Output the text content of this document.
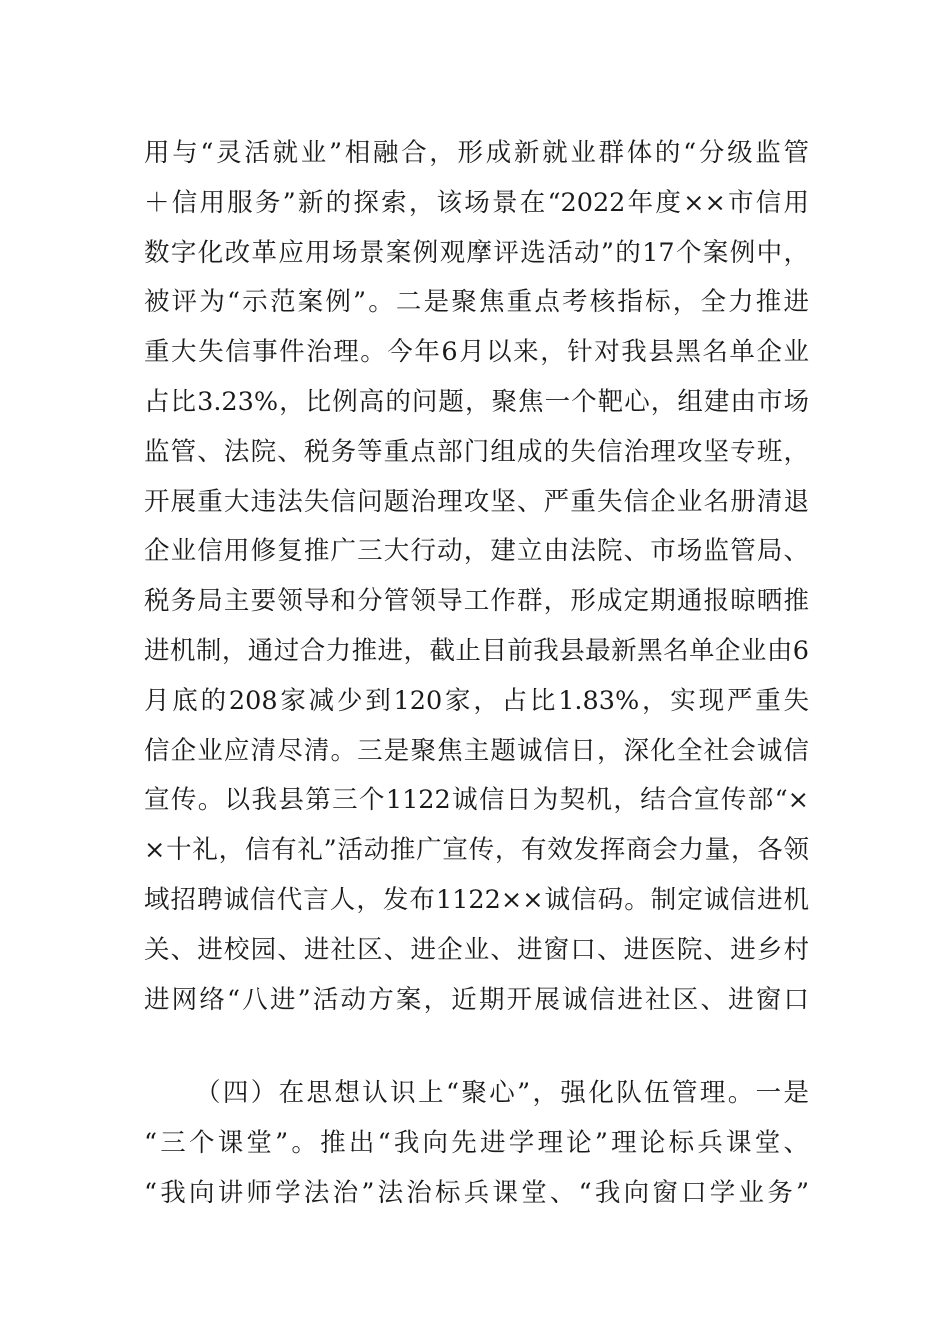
用与“灵活就业”相融合，形成新就业群体的“分级监管
＋信用服务”新的探索，该场景在“2022年度××市信用
数字化改革应用场景案例观摩评选活动”的17个案例中，
被评为“示范案例”。二是聚焦重点考核指标，全力推进
重大失信事件治理。今年6月以来，针对我县黑名单企业
占比3.23%，比例高的问题，聚焦一个靶心，组建由市场
监管、法院、税务等重点部门组成的失信治理攻坚专班，
开展重大违法失信问题治理攻坚、严重失信企业名册清退
企业信用修复推广三大行动，建立由法院、市场监管局、
税务局主要领导和分管领导工作群，形成定期通报晾晒推
进机制，通过合力推进，截止目前我县最新黑名单企业由6
月底的208家减少到120家，占比1.83%，实现严重失
信企业应清尽清。三是聚焦主题诚信日，深化全社会诚信
宣传。以我县第三个1122诚信日为契机，结合宣传部“×
×十礼，信有礼”活动推广宣传，有效发挥商会力量，各领
域招聘诚信代言人，发布1122××诚信码。制定诚信进机
关、进校园、进社区、进企业、进窗口、进医院、进乡村
进网络“八进”活动方案，近期开展诚信进社区、进窗口
（四）在思想认识上“聚心”，强化队伍管理。一是
“三个课堂”。推出“我向先进学理论”理论标兵课堂、
“我向讲师学法治”法治标兵课堂、“我向窗口学业务”
